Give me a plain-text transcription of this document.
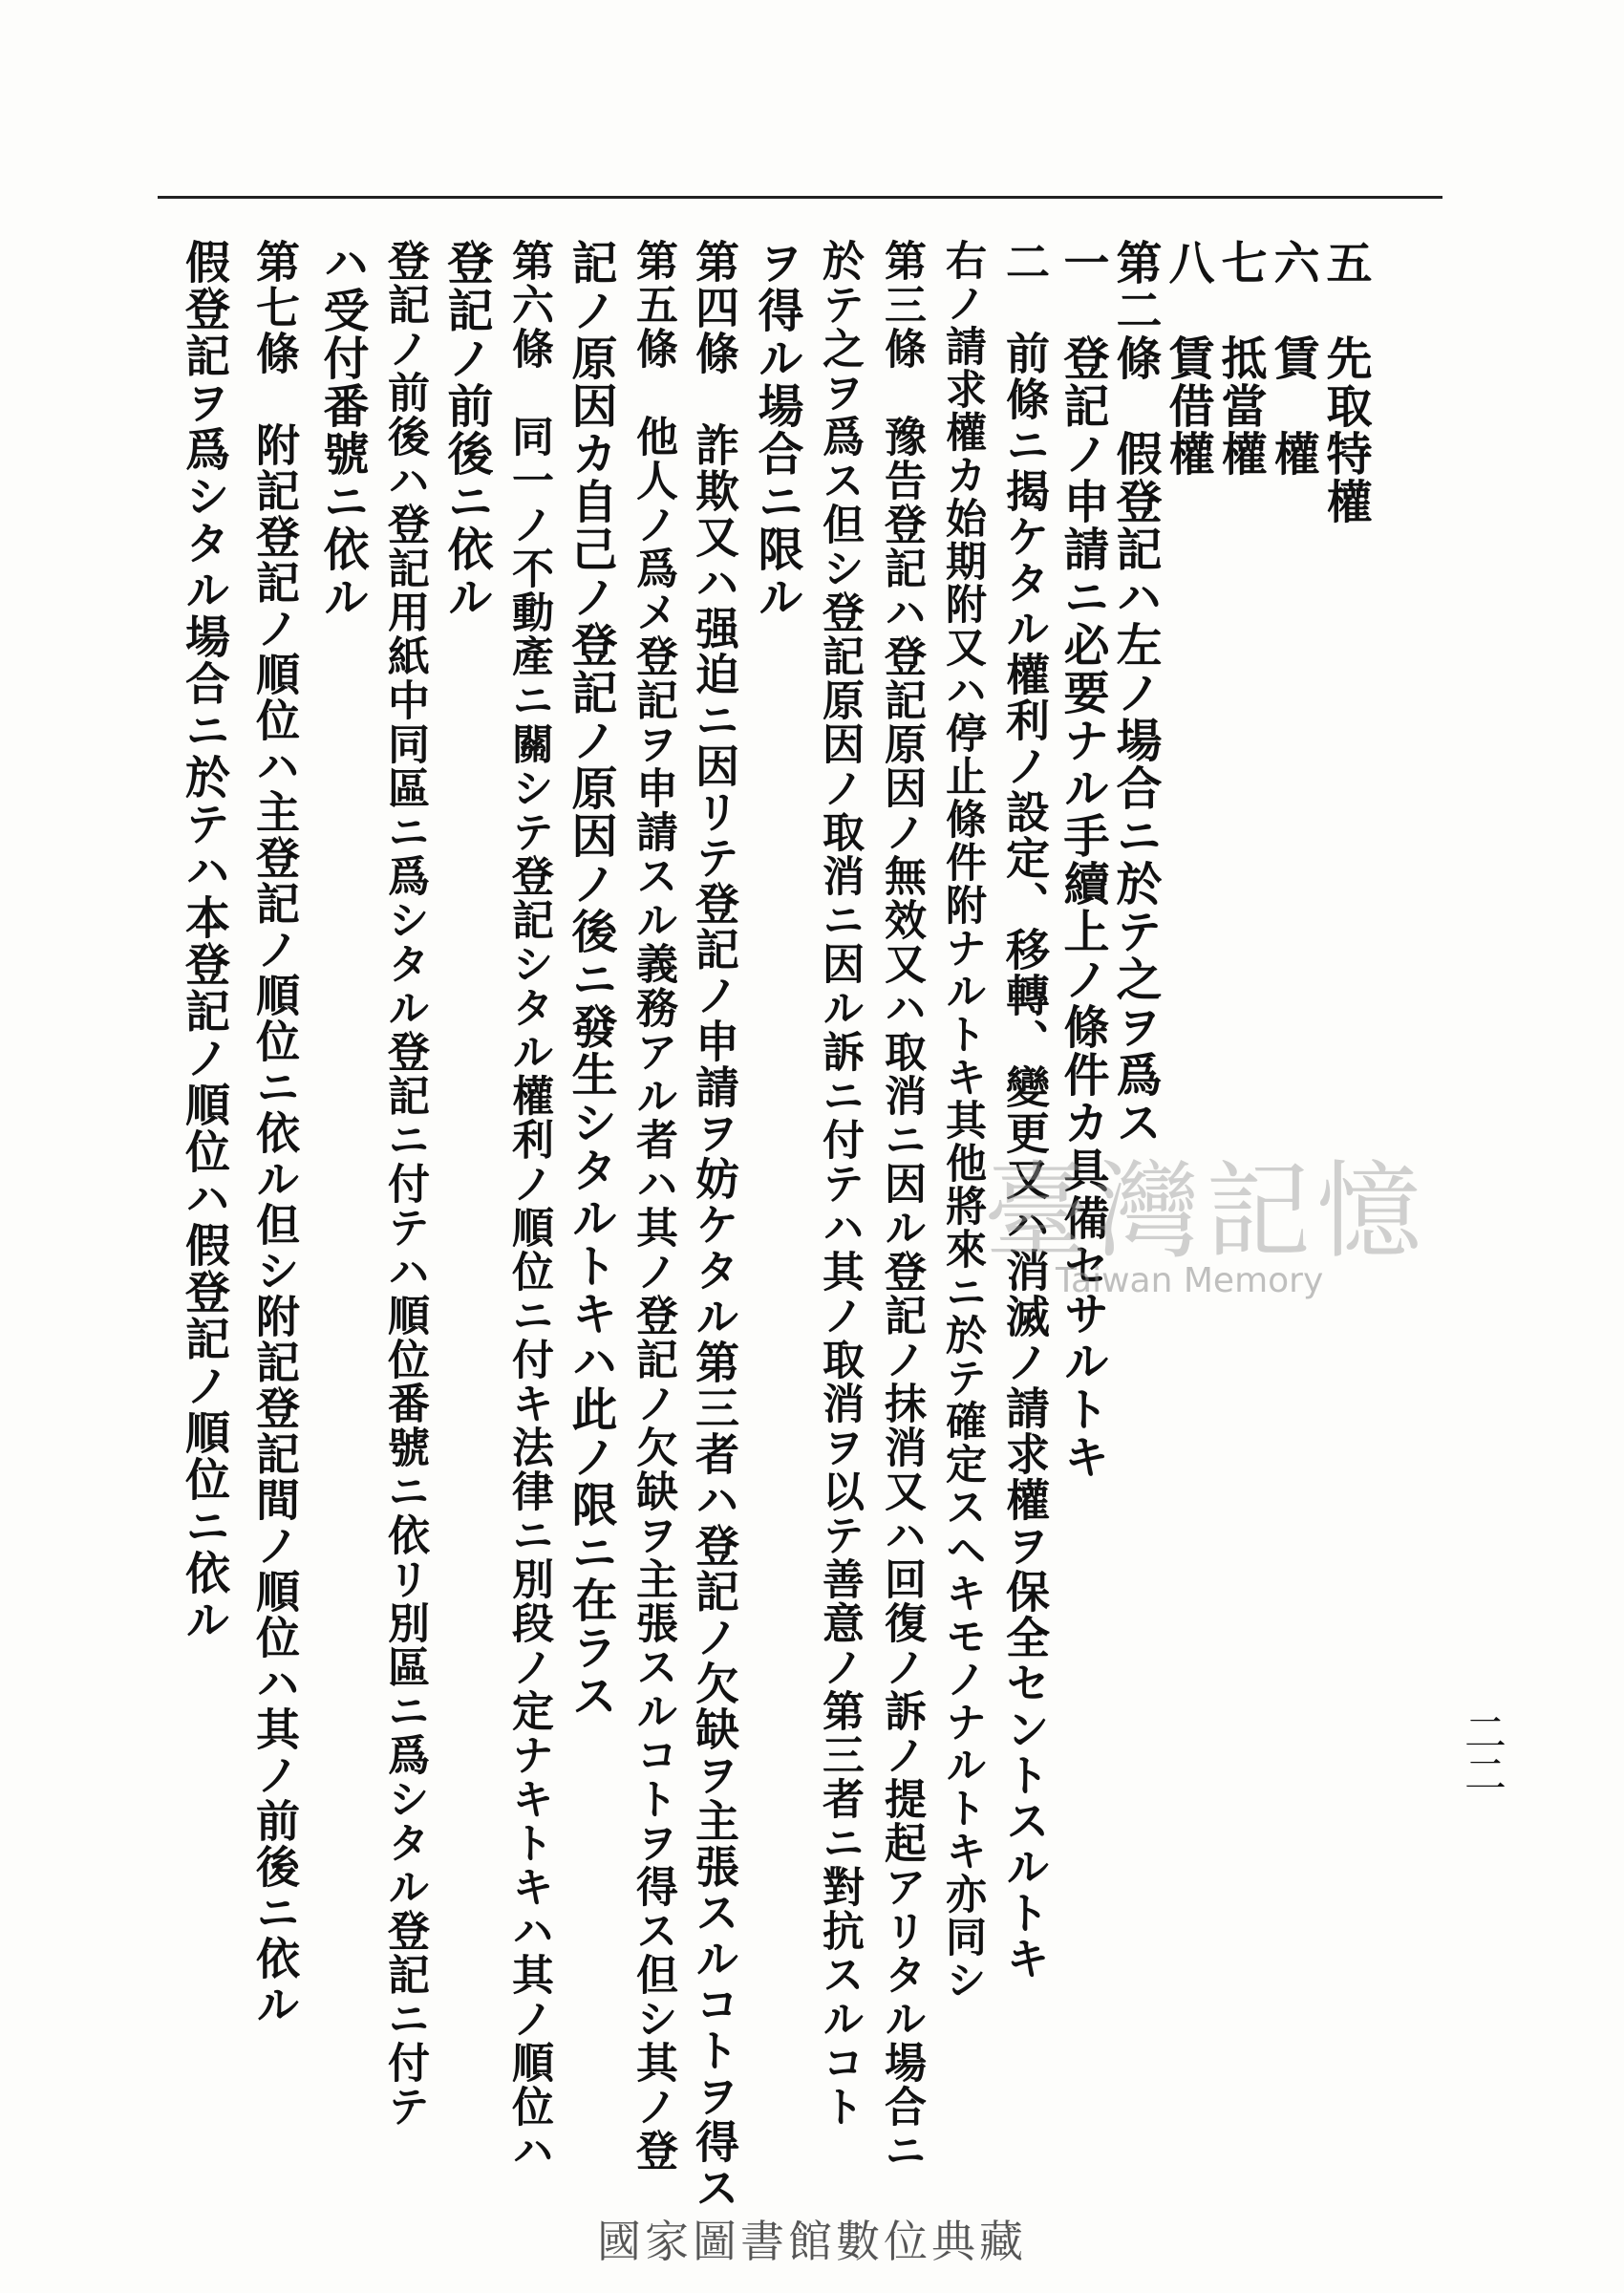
五　先取特權
六　賃　權
七　抵當權
八　賃借權
第二條　假登記ハ左ノ場合ニ於テ之ヲ爲ス
一　登記ノ申請ニ必要ナル手續上ノ條件カ具備セサルトキ
二　前條ニ揭ケタル權利ノ設定、移轉、變更又ハ消滅ノ請求權ヲ保全セントスルトキ
右ノ請求權カ始期附又ハ停止條件附ナルトキ其他將來ニ於テ確定スヘキモノナルトキ亦同シ
第三條　豫告登記ハ登記原因ノ無效又ハ取消ニ因ル登記ノ抹消又ハ回復ノ訴ノ提起アリタル場合ニ
於テ之ヲ爲ス但シ登記原因ノ取消ニ因ル訴ニ付テハ其ノ取消ヲ以テ善意ノ第三者ニ對抗スルコト
ヲ得ル場合ニ限ル
第四條　詐欺又ハ强迫ニ因リテ登記ノ申請ヲ妨ケタル第三者ハ登記ノ欠缺ヲ主張スルコトヲ得ス
第五條　他人ノ爲メ登記ヲ申請スル義務アル者ハ其ノ登記ノ欠缺ヲ主張スルコトヲ得ス但シ其ノ登
記ノ原因カ自己ノ登記ノ原因ノ後ニ發生シタルトキハ此ノ限ニ在ラス
第六條　同一ノ不動產ニ關シテ登記シタル權利ノ順位ニ付キ法律ニ別段ノ定ナキトキハ其ノ順位ハ
登記ノ前後ニ依ル
登記ノ前後ハ登記用紙中同區ニ爲シタル登記ニ付テハ順位番號ニ依リ別區ニ爲シタル登記ニ付テ
ハ受付番號ニ依ル
第七條　附記登記ノ順位ハ主登記ノ順位ニ依ル但シ附記登記間ノ順位ハ其ノ前後ニ依ル
假登記ヲ爲シタル場合ニ於テハ本登記ノ順位ハ假登記ノ順位ニ依ル
二二
臺灣記憶
Taiwan Memory
國家圖書館數位典藏
